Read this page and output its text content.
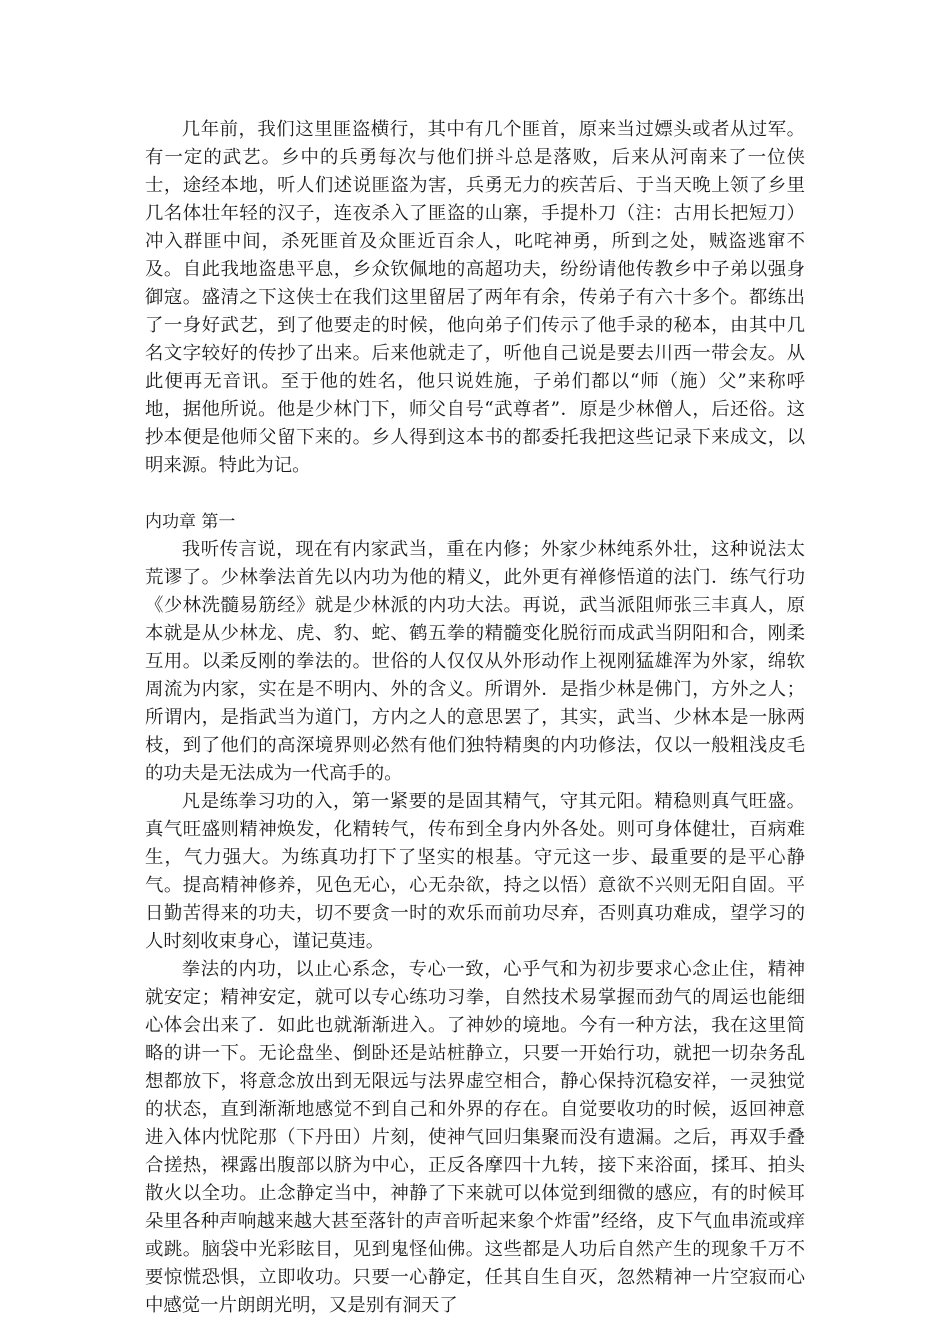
几年前，我们这里匪盗横行，其中有几个匪首，原来当过嫖头或者从过军。有一定的武艺。乡中的兵勇每次与他们拼斗总是落败，后来从河南来了一位侠士，途经本地，听人们述说匪盗为害，兵勇无力的疾苦后、于当天晚上领了乡里几名体壮年轻的汉子，连夜杀入了匪盗的山寨，手提朴刀（注：古用长把短刀）冲入群匪中间，杀死匪首及众匪近百余人，叱咤神勇，所到之处，贼盗逃窜不及。自此我地盗患平息，乡众钦佩地的高超功夫，纷纷请他传教乡中子弟以强身御寇。盛清之下这侠士在我们这里留居了两年有余，传弟子有六十多个。都练出了一身好武艺，到了他要走的时候，他向弟子们传示了他手录的秘本，由其中几名文字较好的传抄了出来。后来他就走了，听他自己说是要去川西一带会友。从此便再无音讯。至于他的姓名，他只说姓施，子弟们都以“师（施）父”来称呼地，据他所说。他是少林门下，师父自号“武尊者”．原是少林僧人，后还俗。这抄本便是他师父留下来的。乡人得到这本书的都委托我把这些记录下来成文，以明来源。特此为记。

内功章 第一

我听传言说，现在有内家武当，重在内修；外家少林纯系外壮，这种说法太荒谬了。少林拳法首先以内功为他的精义，此外更有禅修悟道的法门．练气行功《少林洗髓易筋经》就是少林派的内功大法。再说，武当派阻师张三丰真人，原本就是从少林龙、虎、豹、蛇、鹤五拳的精髓变化脱衍而成武当阴阳和合，刚柔互用。以柔反刚的拳法的。世俗的人仅仅从外形动作上视刚猛雄浑为外家，绵软周流为内家，实在是不明内、外的含义。所谓外．是指少林是佛门，方外之人；所谓内，是指武当为道门，方内之人的意思罢了，其实，武当、少林本是一脉两枝，到了他们的高深境界则必然有他们独特精奥的内功修法，仅以一般粗浅皮毛的功夫是无法成为一代高手的。

凡是练拳习功的入，第一紧要的是固其精气，守其元阳。精稳则真气旺盛。真气旺盛则精神焕发，化精转气，传布到全身内外各处。则可身体健壮，百病难生，气力强大。为练真功打下了坚实的根基。守元这一步、最重要的是平心静气。提高精神修养，见色无心，心无杂欲，持之以悟）意欲不兴则无阳自固。平日勤苦得来的功夫，切不要贪一时的欢乐而前功尽弃，否则真功难成，望学习的人时刻收束身心，谨记莫违。

拳法的内功，以止心系念，专心一致，心乎气和为初步要求心念止住，精神就安定；精神安定，就可以专心练功习拳，自然技术易掌握而劲气的周运也能细心体会出来了．如此也就渐渐进入。了神妙的境地。今有一种方法，我在这里简略的讲一下。无论盘坐、倒卧还是站桩静立，只要一开始行功，就把一切杂务乱想都放下，将意念放出到无限远与法界虚空相合，静心保持沉稳安祥，一灵独觉的状态，直到渐渐地感觉不到自己和外界的存在。自觉要收功的时候，返回神意进入体内忧陀那（下丹田）片刻，使神气回归集聚而没有遗漏。之后，再双手叠合搓热，裸露出腹部以脐为中心，正反各摩四十九转，接下来浴面，揉耳、拍头散火以全功。止念静定当中，神静了下来就可以体觉到细微的感应，有的时候耳朵里各种声响越来越大甚至落针的声音听起来象个炸雷”经络，皮下气血串流或痒或跳。脑袋中光彩眩目，见到鬼怪仙佛。这些都是人功后自然产生的现象千万不要惊慌恐惧，立即收功。只要一心静定，任其自生自灭，忽然精神一片空寂而心中感觉一片朗朗光明，又是别有洞天了
